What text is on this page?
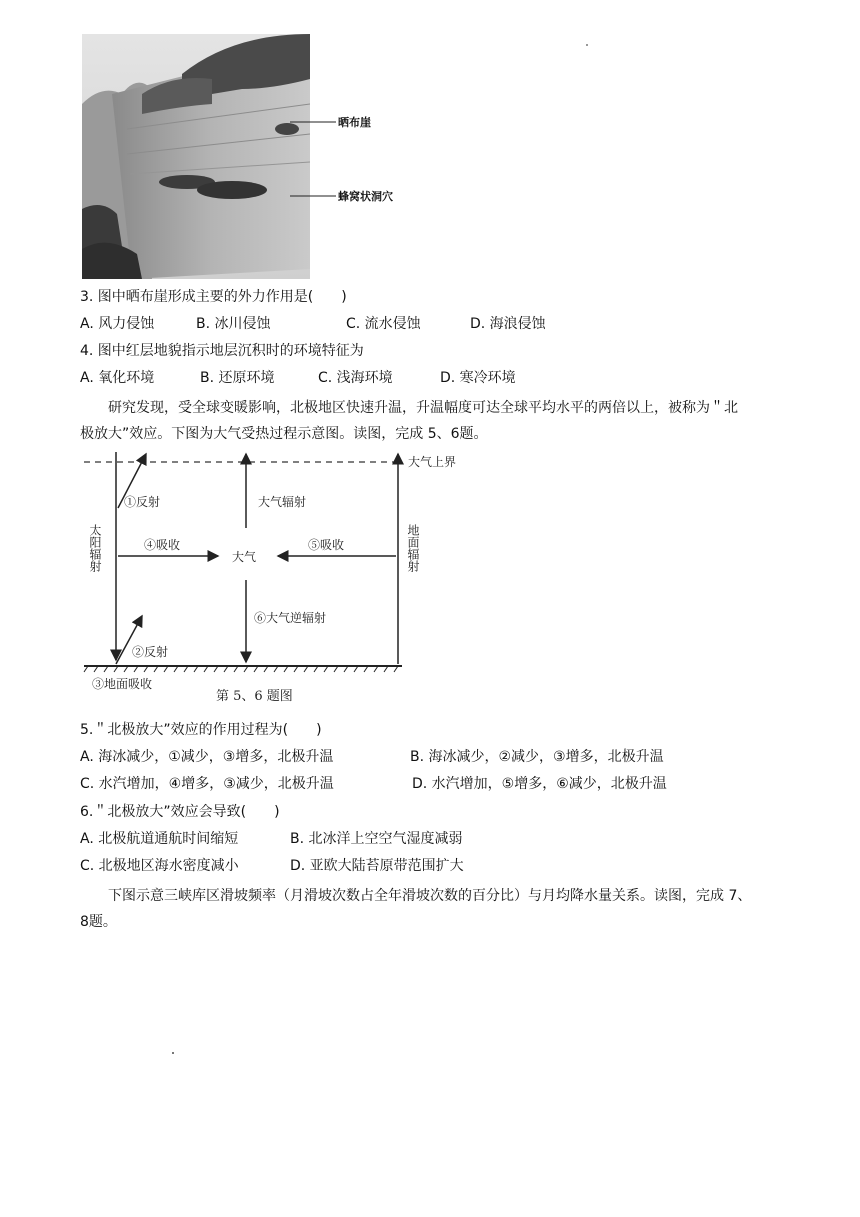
晒布崖
蜂窝状洞穴
3. 图中晒布崖形成主要的外力作用是(　　)
A. 风力侵蚀	B. 冰川侵蚀	C. 流水侵蚀	D. 海浪侵蚀
4. 图中红层地貌指示地层沉积时的环境特征为
A. 氧化环境	B. 还原环境	C. 浅海环境	D. 寒冷环境
研究发现，受全球变暖影响，北极地区快速升温，升温幅度可达全球平均水平的两倍以上，被称为＂北
极放大”效应。下图为大气受热过程示意图。读图，完成 5、6题。
大气上界
①反射	大气辐射
④吸收
大气
⑤吸收
⑥大气逆辐射
②反射
③地面吸收
第 5、6 题图
太阳辐射	地面辐射
5.＂北极放大”效应的作用过程为(　　)
A. 海冰减少，①减少，③增多，北极升温	B. 海冰减少，②减少，③增多，北极升温
C. 水汽增加，④增多，③减少，北极升温	D. 水汽增加，⑤增多，⑥减少，北极升温
6.＂北极放大”效应会导致(　　)
A. 北极航道通航时间缩短	B. 北冰洋上空空气湿度减弱
C. 北极地区海水密度减小	D. 亚欧大陆苔原带范围扩大
下图示意三峡库区滑坡频率（月滑坡次数占全年滑坡次数的百分比）与月均降水量关系。读图，完成 7、
8题。
